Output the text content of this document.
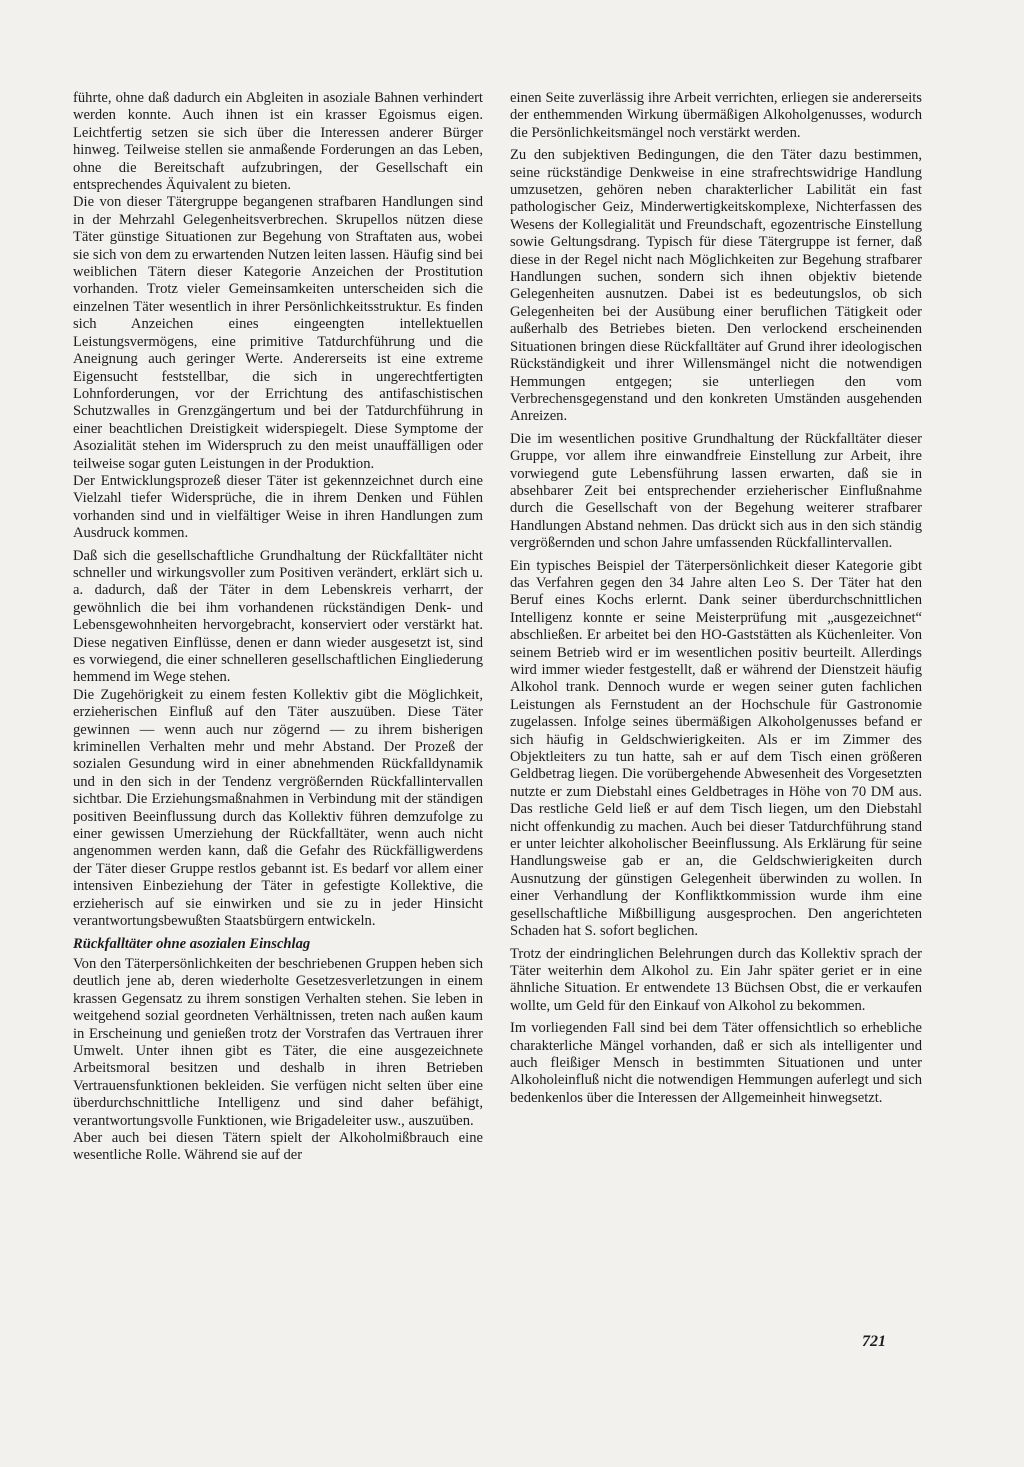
führte, ohne daß dadurch ein Abgleiten in asoziale Bahnen verhindert werden konnte. Auch ihnen ist ein krasser Egoismus eigen. Leichtfertig setzen sie sich über die Interessen anderer Bürger hinweg. Teilweise stellen sie anmaßende Forderungen an das Leben, ohne die Bereitschaft aufzubringen, der Gesellschaft ein entsprechendes Äquivalent zu bieten.

Die von dieser Tätergruppe begangenen strafbaren Handlungen sind in der Mehrzahl Gelegenheitsverbrechen. Skrupellos nützen diese Täter günstige Situationen zur Begehung von Straftaten aus, wobei sie sich von dem zu erwartenden Nutzen leiten lassen. Häufig sind bei weiblichen Tätern dieser Kategorie Anzeichen der Prostitution vorhanden. Trotz vieler Gemeinsamkeiten unterscheiden sich die einzelnen Täter wesentlich in ihrer Persönlichkeitsstruktur. Es finden sich Anzeichen eines eingeengten intellektuellen Leistungsvermögens, eine primitive Tatdurchführung und die Aneignung auch geringer Werte. Andererseits ist eine extreme Eigensucht feststellbar, die sich in ungerechtfertigten Lohnforderungen, vor der Errichtung des antifaschistischen Schutzwalles in Grenzgängertum und bei der Tatdurchführung in einer beachtlichen Dreistigkeit widerspiegelt. Diese Symptome der Asozialität stehen im Widerspruch zu den meist unauffälligen oder teilweise sogar guten Leistungen in der Produktion.

Der Entwicklungsprozeß dieser Täter ist gekennzeichnet durch eine Vielzahl tiefer Widersprüche, die in ihrem Denken und Fühlen vorhanden sind und in vielfältiger Weise in ihren Handlungen zum Ausdruck kommen.

Daß sich die gesellschaftliche Grundhaltung der Rückfalltäter nicht schneller und wirkungsvoller zum Positiven verändert, erklärt sich u. a. dadurch, daß der Täter in dem Lebenskreis verharrt, der gewöhnlich die bei ihm vorhandenen rückständigen Denk- und Lebensgewohnheiten hervorgebracht, konserviert oder verstärkt hat. Diese negativen Einflüsse, denen er dann wieder ausgesetzt ist, sind es vorwiegend, die einer schnelleren gesellschaftlichen Eingliederung hemmend im Wege stehen.

Die Zugehörigkeit zu einem festen Kollektiv gibt die Möglichkeit, erzieherischen Einfluß auf den Täter auszuüben. Diese Täter gewinnen — wenn auch nur zögernd — zu ihrem bisherigen kriminellen Verhalten mehr und mehr Abstand. Der Prozeß der sozialen Gesundung wird in einer abnehmenden Rückfalldynamik und in den sich in der Tendenz vergrößernden Rückfallintervallen sichtbar. Die Erziehungsmaßnahmen in Verbindung mit der ständigen positiven Beeinflussung durch das Kollektiv führen demzufolge zu einer gewissen Umerziehung der Rückfalltäter, wenn auch nicht angenommen werden kann, daß die Gefahr des Rückfälligwerdens der Täter dieser Gruppe restlos gebannt ist. Es bedarf vor allem einer intensiven Einbeziehung der Täter in gefestigte Kollektive, die erzieherisch auf sie einwirken und sie zu in jeder Hinsicht verantwortungsbewußten Staatsbürgern entwickeln.

Rückfalltäter ohne asozialen Einschlag

Von den Täterpersönlichkeiten der beschriebenen Gruppen heben sich deutlich jene ab, deren wiederholte Gesetzesverletzungen in einem krassen Gegensatz zu ihrem sonstigen Verhalten stehen. Sie leben in weitgehend sozial geordneten Verhältnissen, treten nach außen kaum in Erscheinung und genießen trotz der Vorstrafen das Vertrauen ihrer Umwelt. Unter ihnen gibt es Täter, die eine ausgezeichnete Arbeitsmoral besitzen und deshalb in ihren Betrieben Vertrauensfunktionen bekleiden. Sie verfügen nicht selten über eine überdurchschnittliche Intelligenz und sind daher befähigt, verantwortungsvolle Funktionen, wie Brigadeleiter usw., auszuüben.

Aber auch bei diesen Tätern spielt der Alkoholmißbrauch eine wesentliche Rolle. Während sie auf der

einen Seite zuverlässig ihre Arbeit verrichten, erliegen sie andererseits der enthemmenden Wirkung übermäßigen Alkoholgenusses, wodurch die Persönlichkeitsmängel noch verstärkt werden.

Zu den subjektiven Bedingungen, die den Täter dazu bestimmen, seine rückständige Denkweise in eine strafrechtswidrige Handlung umzusetzen, gehören neben charakterlicher Labilität ein fast pathologischer Geiz, Minderwertigkeitskomplexe, Nichterfassen des Wesens der Kollegialität und Freundschaft, egozentrische Einstellung sowie Geltungsdrang. Typisch für diese Tätergruppe ist ferner, daß diese in der Regel nicht nach Möglichkeiten zur Begehung strafbarer Handlungen suchen, sondern sich ihnen objektiv bietende Gelegenheiten ausnutzen. Dabei ist es bedeutungslos, ob sich Gelegenheiten bei der Ausübung einer beruflichen Tätigkeit oder außerhalb des Betriebes bieten. Den verlockend erscheinenden Situationen bringen diese Rückfalltäter auf Grund ihrer ideologischen Rückständigkeit und ihrer Willensmängel nicht die notwendigen Hemmungen entgegen; sie unterliegen den vom Verbrechensgegenstand und den konkreten Umständen ausgehenden Anreizen.

Die im wesentlichen positive Grundhaltung der Rückfalltäter dieser Gruppe, vor allem ihre einwandfreie Einstellung zur Arbeit, ihre vorwiegend gute Lebensführung lassen erwarten, daß sie in absehbarer Zeit bei entsprechender erzieherischer Einflußnahme durch die Gesellschaft von der Begehung weiterer strafbarer Handlungen Abstand nehmen. Das drückt sich aus in den sich ständig vergrößernden und schon Jahre umfassenden Rückfallintervallen.

Ein typisches Beispiel der Täterpersönlichkeit dieser Kategorie gibt das Verfahren gegen den 34 Jahre alten Leo S. Der Täter hat den Beruf eines Kochs erlernt. Dank seiner überdurchschnittlichen Intelligenz konnte er seine Meisterprüfung mit „ausgezeichnet“ abschließen. Er arbeitet bei den HO-Gaststätten als Küchenleiter. Von seinem Betrieb wird er im wesentlichen positiv beurteilt. Allerdings wird immer wieder festgestellt, daß er während der Dienstzeit häufig Alkohol trank. Dennoch wurde er wegen seiner guten fachlichen Leistungen als Fernstudent an der Hochschule für Gastronomie zugelassen. Infolge seines übermäßigen Alkoholgenusses befand er sich häufig in Geldschwierigkeiten. Als er im Zimmer des Objektleiters zu tun hatte, sah er auf dem Tisch einen größeren Geldbetrag liegen. Die vorübergehende Abwesenheit des Vorgesetzten nutzte er zum Diebstahl eines Geldbetrages in Höhe von 70 DM aus. Das restliche Geld ließ er auf dem Tisch liegen, um den Diebstahl nicht offenkundig zu machen. Auch bei dieser Tatdurchführung stand er unter leichter alkoholischer Beeinflussung. Als Erklärung für seine Handlungsweise gab er an, die Geldschwierigkeiten durch Ausnutzung der günstigen Gelegenheit überwinden zu wollen. In einer Verhandlung der Konfliktkommission wurde ihm eine gesellschaftliche Mißbilligung ausgesprochen. Den angerichteten Schaden hat S. sofort beglichen.

Trotz der eindringlichen Belehrungen durch das Kollektiv sprach der Täter weiterhin dem Alkohol zu. Ein Jahr später geriet er in eine ähnliche Situation. Er entwendete 13 Büchsen Obst, die er verkaufen wollte, um Geld für den Einkauf von Alkohol zu bekommen.

Im vorliegenden Fall sind bei dem Täter offensichtlich so erhebliche charakterliche Mängel vorhanden, daß er sich als intelligenter und auch fleißiger Mensch in bestimmten Situationen und unter Alkoholeinfluß nicht die notwendigen Hemmungen auferlegt und sich bedenkenlos über die Interessen der Allgemeinheit hinwegsetzt.

721
